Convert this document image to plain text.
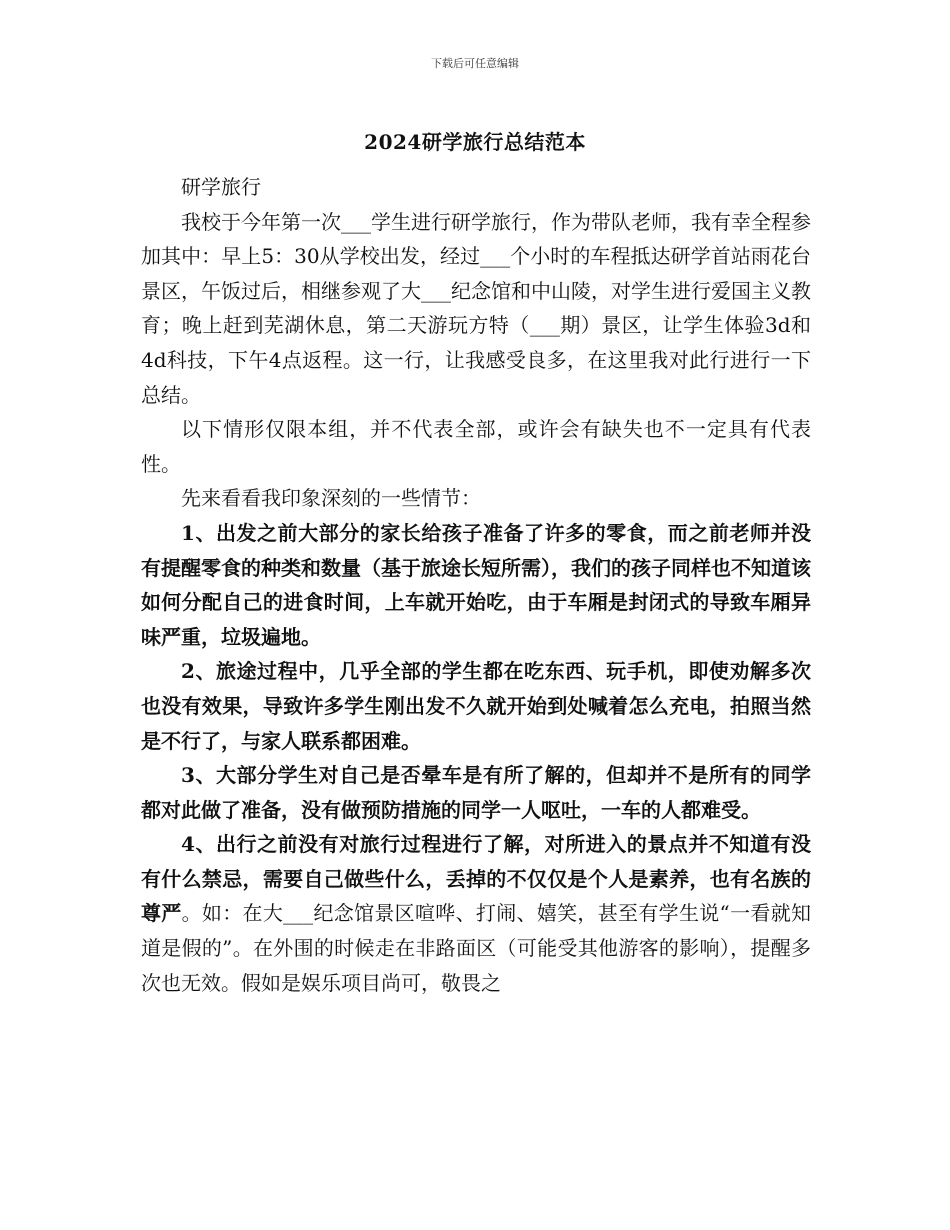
下载后可任意编辑
2024研学旅行总结范本

研学旅行

我校于今年第一次___学生进行研学旅行，作为带队老师，我有幸全程参加其中：早上5：30从学校出发，经过___个小时的车程抵达研学首站雨花台景区，午饭过后，相继参观了大___纪念馆和中山陵，对学生进行爱国主义教育；晚上赶到芜湖休息，第二天游玩方特（___期）景区，让学生体验3d和4d科技，下午4点返程。这一行，让我感受良多，在这里我对此行进行一下总结。

以下情形仅限本组，并不代表全部，或许会有缺失也不一定具有代表性。

先来看看我印象深刻的一些情节：

1、出发之前大部分的家长给孩子准备了许多的零食，而之前老师并没有提醒零食的种类和数量（基于旅途长短所需），我们的孩子同样也不知道该如何分配自己的进食时间，上车就开始吃，由于车厢是封闭式的导致车厢异味严重，垃圾遍地。

2、旅途过程中，几乎全部的学生都在吃东西、玩手机，即使劝解多次也没有效果，导致许多学生刚出发不久就开始到处喊着怎么充电，拍照当然是不行了，与家人联系都困难。

3、大部分学生对自己是否晕车是有所了解的，但却并不是所有的同学都对此做了准备，没有做预防措施的同学一人呕吐，一车的人都难受。

4、出行之前没有对旅行过程进行了解，对所进入的景点并不知道有没有什么禁忌，需要自己做些什么，丢掉的不仅仅是个人是素养，也有名族的尊严。如：在大___纪念馆景区喧哗、打闹、嬉笑，甚至有学生说“一看就知道是假的”。在外围的时候走在非路面区（可能受其他游客的影响），提醒多次也无效。假如是娱乐项目尚可，敬畏之
